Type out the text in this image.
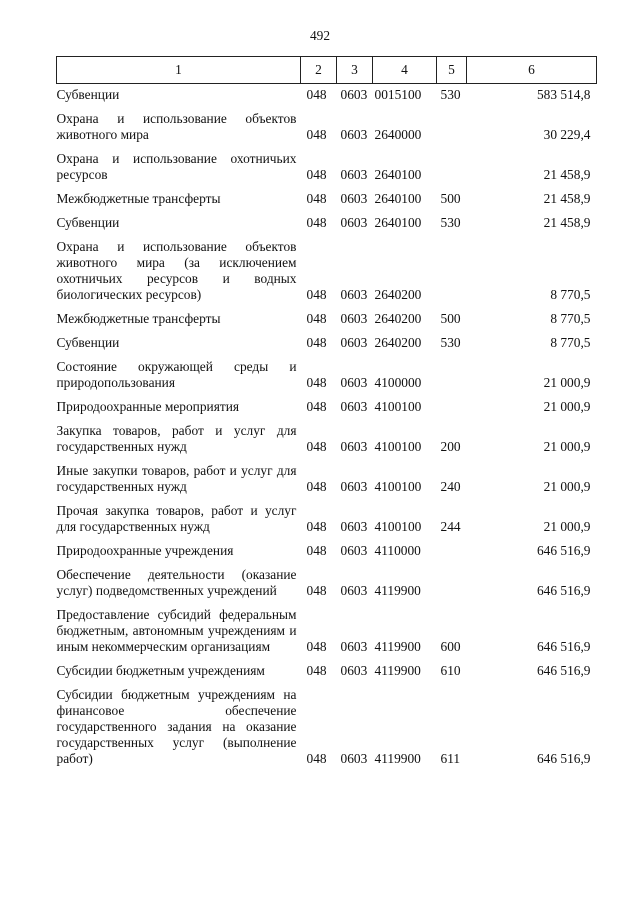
492
1	2	3	4	5	6
Субвенции	048	0603	0015100	530	583 514,8
Охрана и использование объектов животного мира	048	0603	2640000		30 229,4
Охрана и использование охотничьих ресурсов	048	0603	2640100		21 458,9
Межбюджетные трансферты	048	0603	2640100	500	21 458,9
Субвенции	048	0603	2640100	530	21 458,9
Охрана и использование объектов животного мира (за исключением охотничьих ресурсов и водных биологических ресурсов)	048	0603	2640200		8 770,5
Межбюджетные трансферты	048	0603	2640200	500	8 770,5
Субвенции	048	0603	2640200	530	8 770,5
Состояние окружающей среды и природопользования	048	0603	4100000		21 000,9
Природоохранные мероприятия	048	0603	4100100		21 000,9
Закупка товаров, работ и услуг для государственных нужд	048	0603	4100100	200	21 000,9
Иные закупки товаров, работ и услуг для государственных нужд	048	0603	4100100	240	21 000,9
Прочая закупка товаров, работ и услуг для государственных нужд	048	0603	4100100	244	21 000,9
Природоохранные учреждения	048	0603	4110000		646 516,9
Обеспечение деятельности (оказание услуг) подведомственных учреждений	048	0603	4119900		646 516,9
Предоставление субсидий федеральным бюджетным, автономным учреждениям и иным некоммерческим организациям	048	0603	4119900	600	646 516,9
Субсидии бюджетным учреждениям	048	0603	4119900	610	646 516,9
Субсидии бюджетным учреждениям на финансовое обеспечение государственного задания на оказание государственных услуг (выполнение работ)	048	0603	4119900	611	646 516,9
